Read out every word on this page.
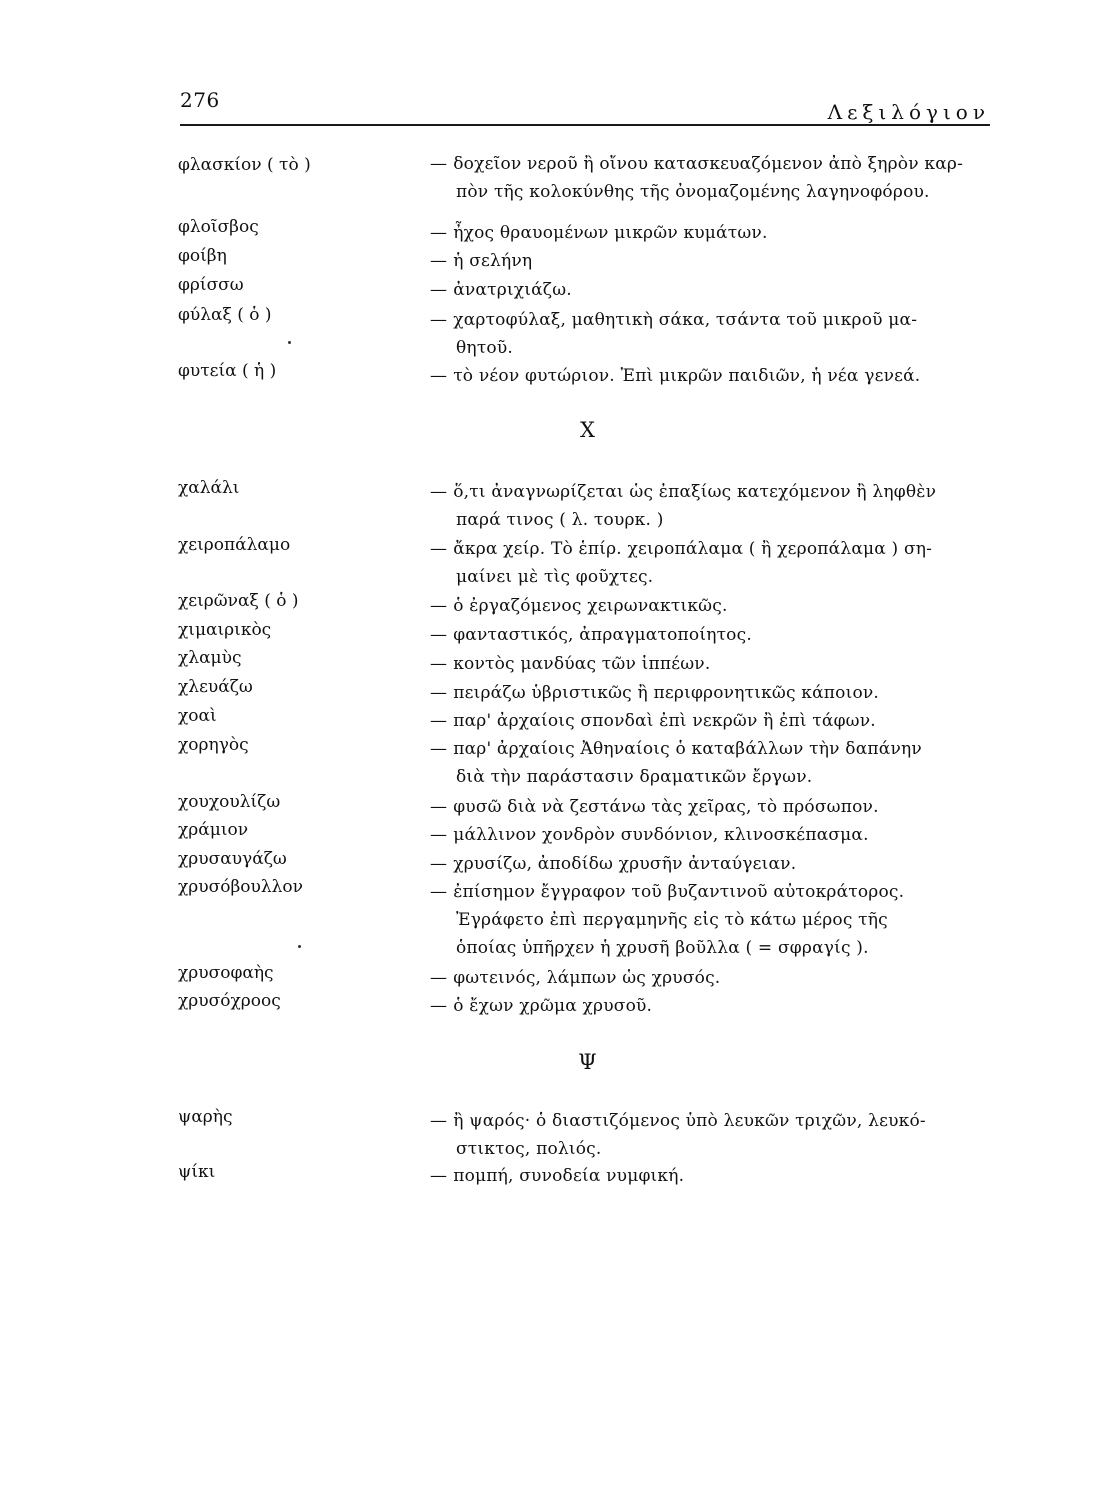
276	Λεξιλόγιον
φλασκίον ( τὸ )	— δοχεῖον νεροῦ ἢ οἴνου κατασκευαζόμενον ἀπὸ ξηρὸν καρ-
πὸν τῆς κολοκύνθης τῆς ὀνομαζομένης λαγηνοφόρου.
φλοῖσβος	— ἦχος θραυομένων μικρῶν κυμάτων.
φοίβη	— ἡ σελήνη
φρίσσω	— ἀνατριχιάζω.
φύλαξ ( ὁ )	— χαρτοφύλαξ, μαθητικὴ σάκα, τσάντα τοῦ μικροῦ μα-
θητοῦ.
φυτεία ( ἡ )	— τὸ νέον φυτώριον. Ἐπὶ μικρῶν παιδιῶν, ἡ νέα γενεά.
X
χαλάλι	— ὅ,τι ἀναγνωρίζεται ὡς ἐπαξίως κατεχόμενον ἢ ληφθὲν
παρά τινος ( λ. τουρκ. )
χειροπάλαμο	— ἄκρα χείρ. Τὸ ἑπίρ. χειροπάλαμα ( ἢ χεροπάλαμα ) ση-
μαίνει μὲ τὶς φοῦχτες.
χειρῶναξ ( ὁ )	— ὁ ἐργαζόμενος χειρωνακτικῶς.
χιμαιρικὸς	— φανταστικός, ἀπραγματοποίητος.
χλαμὺς	— κοντὸς μανδύας τῶν ἱππέων.
χλευάζω	— πειράζω ὑβριστικῶς ἢ περιφρονητικῶς κάποιον.
χοαὶ	— παρ' ἀρχαίοις σπονδαὶ ἐπὶ νεκρῶν ἢ ἐπὶ τάφων.
χορηγὸς	— παρ' ἀρχαίοις Ἀθηναίοις ὁ καταβάλλων τὴν δαπάνην
διὰ τὴν παράστασιν δραματικῶν ἔργων.
χουχουλίζω	— φυσῶ διὰ νὰ ζεστάνω τὰς χεῖρας, τὸ πρόσωπον.
χράμιον	— μάλλινον χονδρὸν συνδόνιον, κλινοσκέπασμα.
χρυσαυγάζω	— χρυσίζω, ἀποδίδω χρυσῆν ἀνταύγειαν.
χρυσόβουλλον	— ἐπίσημον ἔγγραφον τοῦ βυζαντινοῦ αὐτοκράτορος.
Ἐγράφετο ἐπὶ περγαμηνῆς εἰς τὸ κάτω μέρος τῆς
ὁποίας ὑπῆρχεν ἡ χρυσῆ βοῦλλα ( = σφραγίς ).
χρυσοφαὴς	— φωτεινός, λάμπων ὡς χρυσός.
χρυσόχροος	— ὁ ἔχων χρῶμα χρυσοῦ.
Ψ
ψαρὴς	— ἢ ψαρός· ὁ διαστιζόμενος ὑπὸ λευκῶν τριχῶν, λευκό-
στικτος, πολιός.
ψίκι	— πομπή, συνοδεία νυμφική.
